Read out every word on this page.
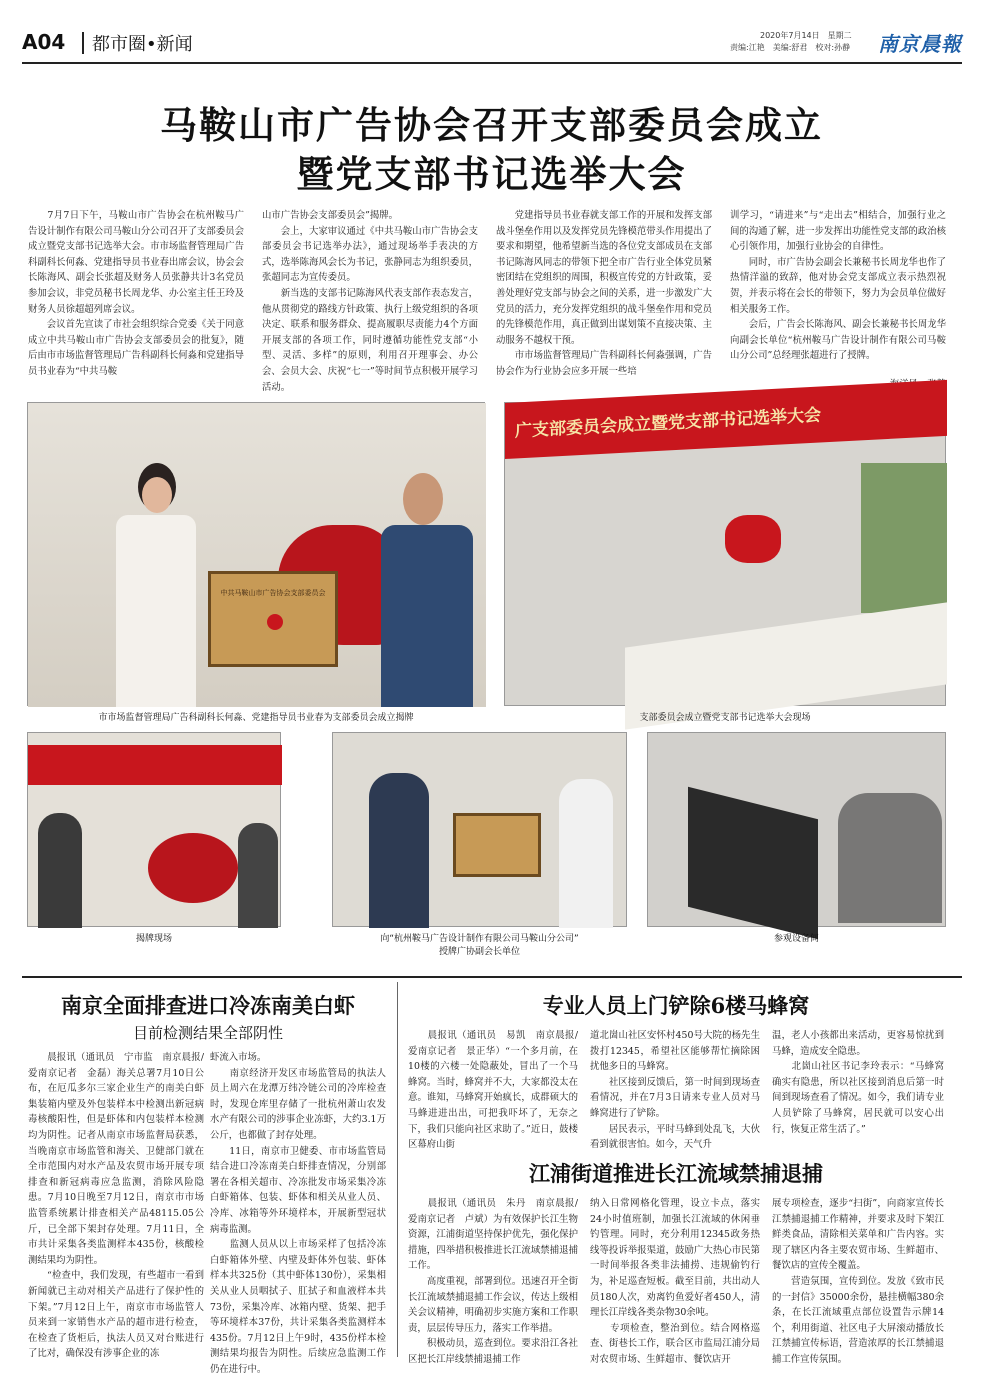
A04 都市圈•新闻	2020年7月14日　星期二
责编:江艳　美编:舒君　校对:孙静 南京晨報
马鞍山市广告协会召开支部委员会成立
暨党支部书记选举大会
　　7月7日下午，马鞍山市广告协会在杭州鞍马广告设计制作有限公司马鞍山分公司召开了支部委员会成立暨党支部书记选举大会。市市场监督管理局广告科副科长何淼、党建指导员书业春出席会议，协会会长陈海风、副会长张超及财务人员张静共计3名党员参加会议，非党员秘书长周龙华、办公室主任王玲及财务人员徐超超列席会议。
　　会议首先宣读了市社会组织综合党委《关于同意成立中共马鞍山市广告协会支部委员会的批复》，随后由市市场监督管理局广告科副科长何淼和党建指导员书业春为“中共马鞍
山市广告协会支部委员会”揭牌。
　　会上，大家审议通过《中共马鞍山市广告协会支部委员会书记选举办法》，通过现场举手表决的方式，选举陈海风会长为书记，张静同志为组织委员，张超同志为宣传委员。
　　新当选的支部书记陈海风代表支部作表态发言，他从贯彻党的路线方针政策、执行上级党组织的各项决定、联系和服务群众、提高履职尽责能力4个方面开展支部的各项工作，同时遵循功能性党支部“小型、灵活、多样”的原则，利用召开理事会、办公会、会员大会、庆祝“七一”等时间节点积极开展学习活动。
　　党建指导员书业春就支部工作的开展和发挥支部战斗堡垒作用以及发挥党员先锋模范带头作用提出了要求和期望，他希望新当选的各位党支部成员在支部书记陈海风同志的带领下把全市广告行业全体党员紧密团结在党组织的周围，积极宣传党的方针政策，妥善处理好党支部与协会之间的关系，进一步激发广大党员的活力，充分发挥党组织的战斗堡垒作用和党员的先锋模范作用，真正做到出谋划策不直接决策、主动服务不越权干预。
　　市市场监督管理局广告科副科长何淼强调，广告协会作为行业协会应多开展一些培
训学习，“请进来”与“走出去”相结合，加强行业之间的沟通了解，进一步发挥出功能性党支部的政治核心引领作用，加强行业协会的自律性。
　　同时，市广告协会副会长兼秘书长周龙华也作了热情洋溢的致辞，他对协会党支部成立表示热烈祝贺，并表示将在会长的带领下，努力为会员单位做好相关服务工作。
　　会后，广告会长陈海风、副会长兼秘书长周龙华向副会长单位“杭州鞍马广告设计制作有限公司马鞍山分公司”总经理张超进行了授牌。
中共马鞍山市广告协会支部委员会
广支部委员会成立暨党支部书记选举大会
市市场监督管理局广告科副科长何淼、党建指导员书业春为支部委员会成立揭牌	支部委员会成立暨党支部书记选举大会现场
揭牌现场	向“杭州鞍马广告设计制作有限公司马鞍山分公司”
授牌广协副会长单位
参观设备间
南京全面排查进口冷冻南美白虾
目前检测结果全部阴性
　　晨报讯（通讯员　宁市监　南京晨报/爱南京记者　金磊）海关总署7月10日公布，在厄瓜多尔三家企业生产的南美白虾集装箱内壁及外包装样本中检测出新冠病毒核酸阳性，但是虾体和内包装样本检测均为阴性。记者从南京市场监督局获悉，当晚南京市场监管和海关、卫健部门就在全市范围内对水产品及农贸市场开展专项排查和新冠病毒应急监测，消除风险隐患。7月10日晚至7月12日，南京市市场监管系统累计排查相关产品48115.05公斤，已全部下架封存处理。7月11日，全市共计采集各类监测样本435份，核酸检测结果均为阴性。
　　“检查中，我们发现，有些超市一看到新闻就已主动对相关产品进行了保护性的下架。”7月12日上午，南京市市场监管人员来到一家销售水产品的超市进行检查，在检查了货柜后，执法人员又对台账进行了比对，确保没有涉事企业的冻
虾流入市场。
　　南京经济开发区市场监管局的执法人员上周六在龙潭万纬冷链公司的冷库检查时，发现仓库里存储了一批杭州萧山农发水产有限公司的涉事企业冻虾，大约3.1万公斤，也都做了封存处理。
　　11日，南京市卫健委、市市场监管局结合进口冷冻南美白虾排查情况，分别部署在各相关超市、冷冻批发市场采集冷冻白虾箱体、包装、虾体和相关从业人员、冷库、冰箱等外环境样本，开展新型冠状病毒监测。
　　监测人员从以上市场采样了包括冷冻白虾箱体外壁、内壁及虾体外包装、虾体样本共325份（其中虾体130份），采集相关从业人员咽拭子、肛拭子和血液样本共73份，采集冷库、冰箱内壁、货架、把手等环境样本37份，共计采集各类监测样本435份。7月12日上午9时，435份样本检测结果均报告为阴性。后续应急监测工作仍在进行中。
专业人员上门铲除6楼马蜂窝
　　晨报讯（通讯员　易凯　南京晨报/爱南京记者　景正华）“一个多月前，在10楼的六楼一处隐蔽处，冒出了一个马蜂窝。当时，蜂窝并不大，大家都没太在意。谁知，马蜂窝开始疯长，成群硕大的马蜂进进出出，可把我吓坏了，无奈之下，我们只能向社区求助了。”近日，鼓楼区幕府山街
道北崮山社区安怀村450号大院的杨先生拨打12345，希望社区能够帮忙摘除困扰他多日的马蜂窝。
　　社区接到反馈后，第一时间到现场查看情况，并在7月3日请来专业人员对马蜂窝进行了铲除。
　　居民表示，平时马蜂到处乱飞，大伙看到就很害怕。如今，天气升
温，老人小孩都出来活动，更容易惊扰到马蜂，造成安全隐患。
　　北崮山社区书记李玲表示：“马蜂窝确实有隐患，所以社区接到消息后第一时间到现场查看了情况。如今，我们请专业人员铲除了马蜂窝，居民就可以安心出行，恢复正常生活了。”
江浦街道推进长江流域禁捕退捕
　　晨报讯（通讯员　朱丹　南京晨报/爱南京记者　卢斌）为有效保护长江生物资源，江浦街道坚持保护优先，强化保护措施，四举措积极推进长江流域禁捕退捕工作。
　　高度重视，部署到位。迅速召开全街长江流域禁捕退捕工作会议，传达上级相关会议精神，明确初步实施方案和工作职责，层层传导压力，落实工作举措。
　　积极动员，巡查到位。要求沿江各社区把长江岸线禁捕退捕工作
纳入日常网格化管理，设立卡点，落实24小时值班制，加强长江流域的休闲垂钓管理。同时，充分利用12345政务热线等投诉举报渠道，鼓励广大热心市民第一时间举报各类非法捕捞、违规偷钓行为，补足巡查短板。截至目前，共出动人员180人次，劝离钓鱼爱好者450人，清理长江岸线各类杂物30余吨。
　　专项检查，整治到位。结合网格巡查、街巷长工作，联合区市监局江浦分局对农贸市场、生鲜超市、餐饮店开
展专项检查，逐步“扫街”，向商家宣传长江禁捕退捕工作精神，并要求及时下架江鲜类食品，清除相关菜单和广告内容。实现了辖区内各主要农贸市场、生鲜超市、餐饮店的宣传全覆盖。
　　营造氛围，宣传到位。发放《致市民的一封信》35000余份，悬挂横幅380余条，在长江流域重点部位设置告示牌14个，利用街道、社区电子大屏滚动播放长江禁捕宣传标语，营造浓厚的长江禁捕退捕工作宣传氛围。
